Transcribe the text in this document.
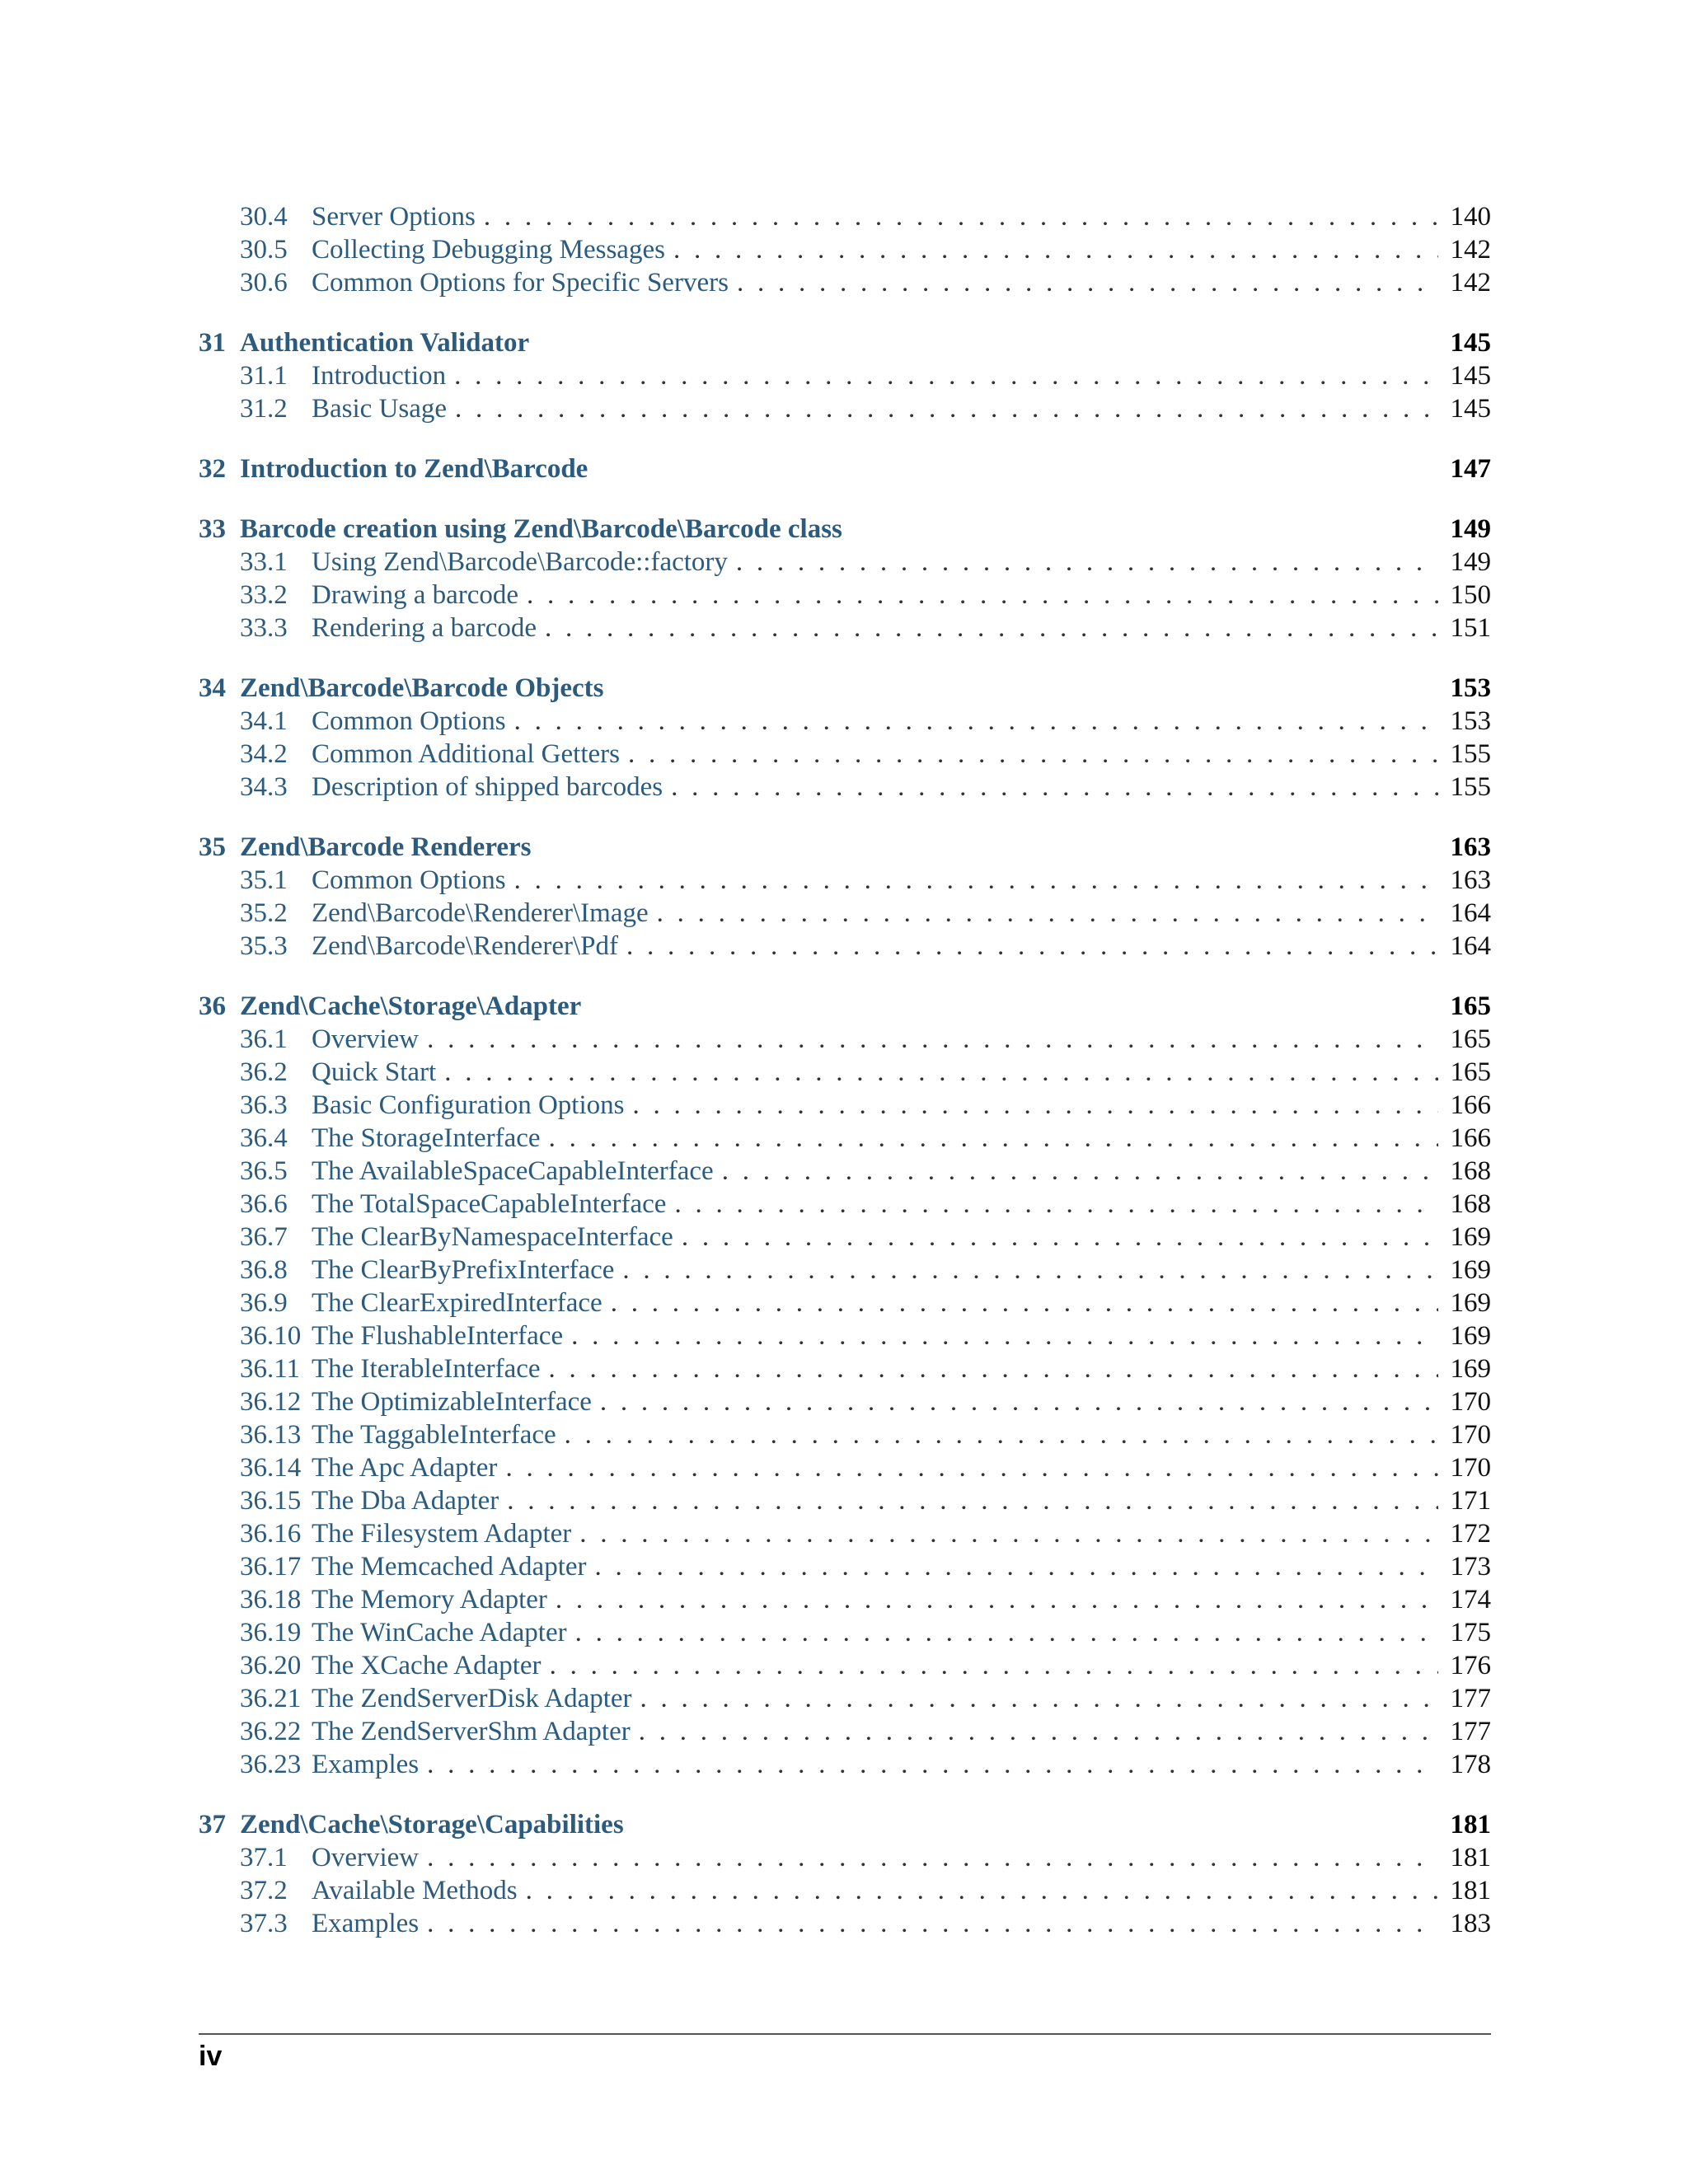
30.4 Server Options . . .	140
30.5 Collecting Debugging Messages . . .	142
30.6 Common Options for Specific Servers . . .	142
31 Authentication Validator	145
31.1 Introduction . . .	145
31.2 Basic Usage . . .	145
32 Introduction to Zend\Barcode	147
33 Barcode creation using Zend\Barcode\Barcode class	149
33.1 Using Zend\Barcode\Barcode::factory . . .	149
33.2 Drawing a barcode . . .	150
33.3 Rendering a barcode . . .	151
34 Zend\Barcode\Barcode Objects	153
34.1 Common Options . . .	153
34.2 Common Additional Getters . . .	155
34.3 Description of shipped barcodes . . .	155
35 Zend\Barcode Renderers	163
35.1 Common Options . . .	163
35.2 Zend\Barcode\Renderer\Image . . .	164
35.3 Zend\Barcode\Renderer\Pdf . . .	164
36 Zend\Cache\Storage\Adapter	165
36.1 Overview . . .	165
36.2 Quick Start . . .	165
36.3 Basic Configuration Options . . .	166
36.4 The StorageInterface . . .	166
36.5 The AvailableSpaceCapableInterface . . .	168
36.6 The TotalSpaceCapableInterface . . .	168
36.7 The ClearByNamespaceInterface . . .	169
36.8 The ClearByPrefixInterface . . .	169
36.9 The ClearExpiredInterface . . .	169
36.10 The FlushableInterface . . .	169
36.11 The IterableInterface . . .	169
36.12 The OptimizableInterface . . .	170
36.13 The TaggableInterface . . .	170
36.14 The Apc Adapter . . .	170
36.15 The Dba Adapter . . .	171
36.16 The Filesystem Adapter . . .	172
36.17 The Memcached Adapter . . .	173
36.18 The Memory Adapter . . .	174
36.19 The WinCache Adapter . . .	175
36.20 The XCache Adapter . . .	176
36.21 The ZendServerDisk Adapter . . .	177
36.22 The ZendServerShm Adapter . . .	177
36.23 Examples . . .	178
37 Zend\Cache\Storage\Capabilities	181
37.1 Overview . . .	181
37.2 Available Methods . . .	181
37.3 Examples . . .	183
iv
